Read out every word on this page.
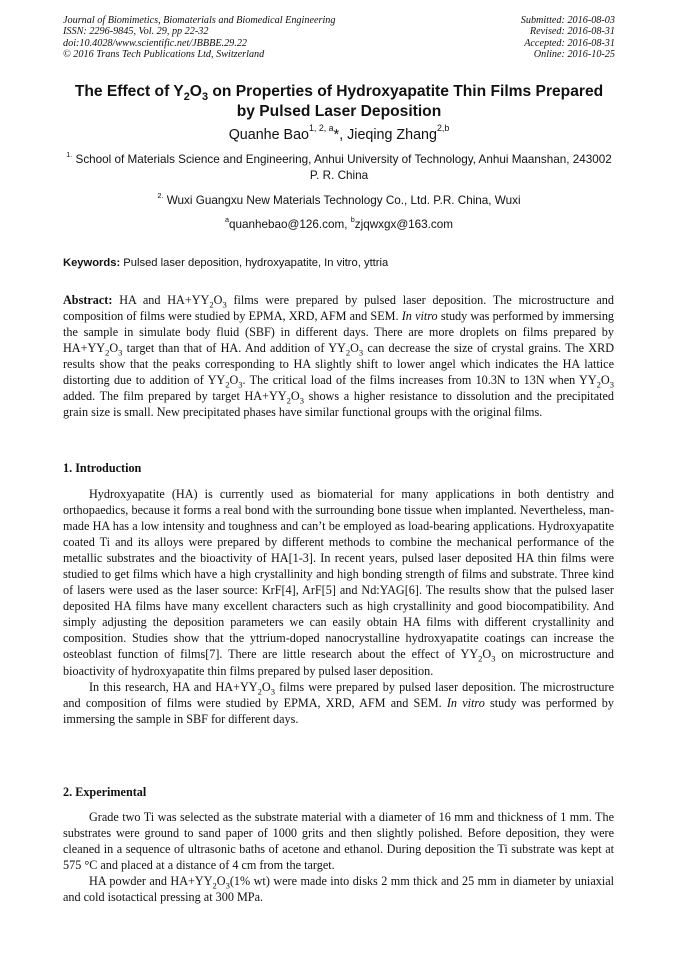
Journal of Biomimetics, Biomaterials and Biomedical Engineering
ISSN: 2296-9845, Vol. 29, pp 22-32
doi:10.4028/www.scientific.net/JBBBE.29.22
© 2016 Trans Tech Publications Ltd, Switzerland
Submitted: 2016-08-03
Revised: 2016-08-31
Accepted: 2016-08-31
Online: 2016-10-25
The Effect of $Y_2O_3$ on Properties of Hydroxyapatite Thin Films Prepared
by Pulsed Laser Deposition
Quanhe Bao$^{1, 2, a}$*, Jieqing Zhang$^{2,b}$
$^{1.}$ School of Materials Science and Engineering, Anhui University of Technology, Anhui Maanshan, 243002 P. R. China
$^{2.}$ Wuxi Guangxu New Materials Technology Co., Ltd. P.R. China, Wuxi
$^a$quanhebao@126.com, $^b$zjqwxgx@163.com
Keywords: Pulsed laser deposition, hydroxyapatite, In vitro, yttria

Abstract: HA and $HA+YY_2O_3$ films were prepared by pulsed laser deposition. The microstructure and composition of films were studied by EPMA, XRD, AFM and SEM. In vitro study was performed by immersing the sample in simulate body fluid (SBF) in different days. There are more droplets on films prepared by $HA+YY_2O_3$ target than that of HA. And addition of $YY_2O_3$ can decrease the size of crystal grains. The XRD results show that the peaks corresponding to HA slightly shift to lower angel which indicates the HA lattice distorting due to addition of $YY_2O_3$. The critical load of the films increases from 10.3N to 13N when $YY_2O_3$ added. The film prepared by target $HA+YY_2O_3$ shows a higher resistance to dissolution and the precipitated grain size is small. New precipitated phases have similar functional groups with the original films.

1. Introduction

Hydroxyapatite (HA) is currently used as biomaterial for many applications in both dentistry and orthopaedics, because it forms a real bond with the surrounding bone tissue when implanted. Nevertheless, man-made HA has a low intensity and toughness and can’t be employed as load-bearing applications. Hydroxyapatite coated Ti and its alloys were prepared by different methods to combine the mechanical performance of the metallic substrates and the bioactivity of HA[1-3]. In recent years, pulsed laser deposited HA thin films were studied to get films which have a high crystallinity and high bonding strength of films and substrate. Three kind of lasers were used as the laser source: KrF[4], ArF[5] and Nd:YAG[6]. The results show that the pulsed laser deposited HA films have many excellent characters such as high crystallinity and good biocompatibility. And simply adjusting the deposition parameters we can easily obtain HA films with different crystallinity and composition. Studies show that the yttrium-doped nanocrystalline hydroxyapatite coatings can increase the osteoblast function of films[7]. There are little research about the effect of $YY_2O_3$ on microstructure and bioactivity of hydroxyapatite thin films prepared by pulsed laser deposition.

In this research, HA and $HA+YY_2O_3$ films were prepared by pulsed laser deposition. The microstructure and composition of films were studied by EPMA, XRD, AFM and SEM. In vitro study was performed by immersing the sample in SBF for different days.

2. Experimental

Grade two Ti was selected as the substrate material with a diameter of 16 mm and thickness of 1 mm. The substrates were ground to sand paper of 1000 grits and then slightly polished. Before deposition, they were cleaned in a sequence of ultrasonic baths of acetone and ethanol. During deposition the Ti substrate was kept at 575 °C and placed at a distance of 4 cm from the target.

HA powder and $HA+YY_2O_3(1\%$ wt) were made into disks 2 mm thick and 25 mm in diameter by uniaxial and cold isotactical pressing at 300 MPa.
